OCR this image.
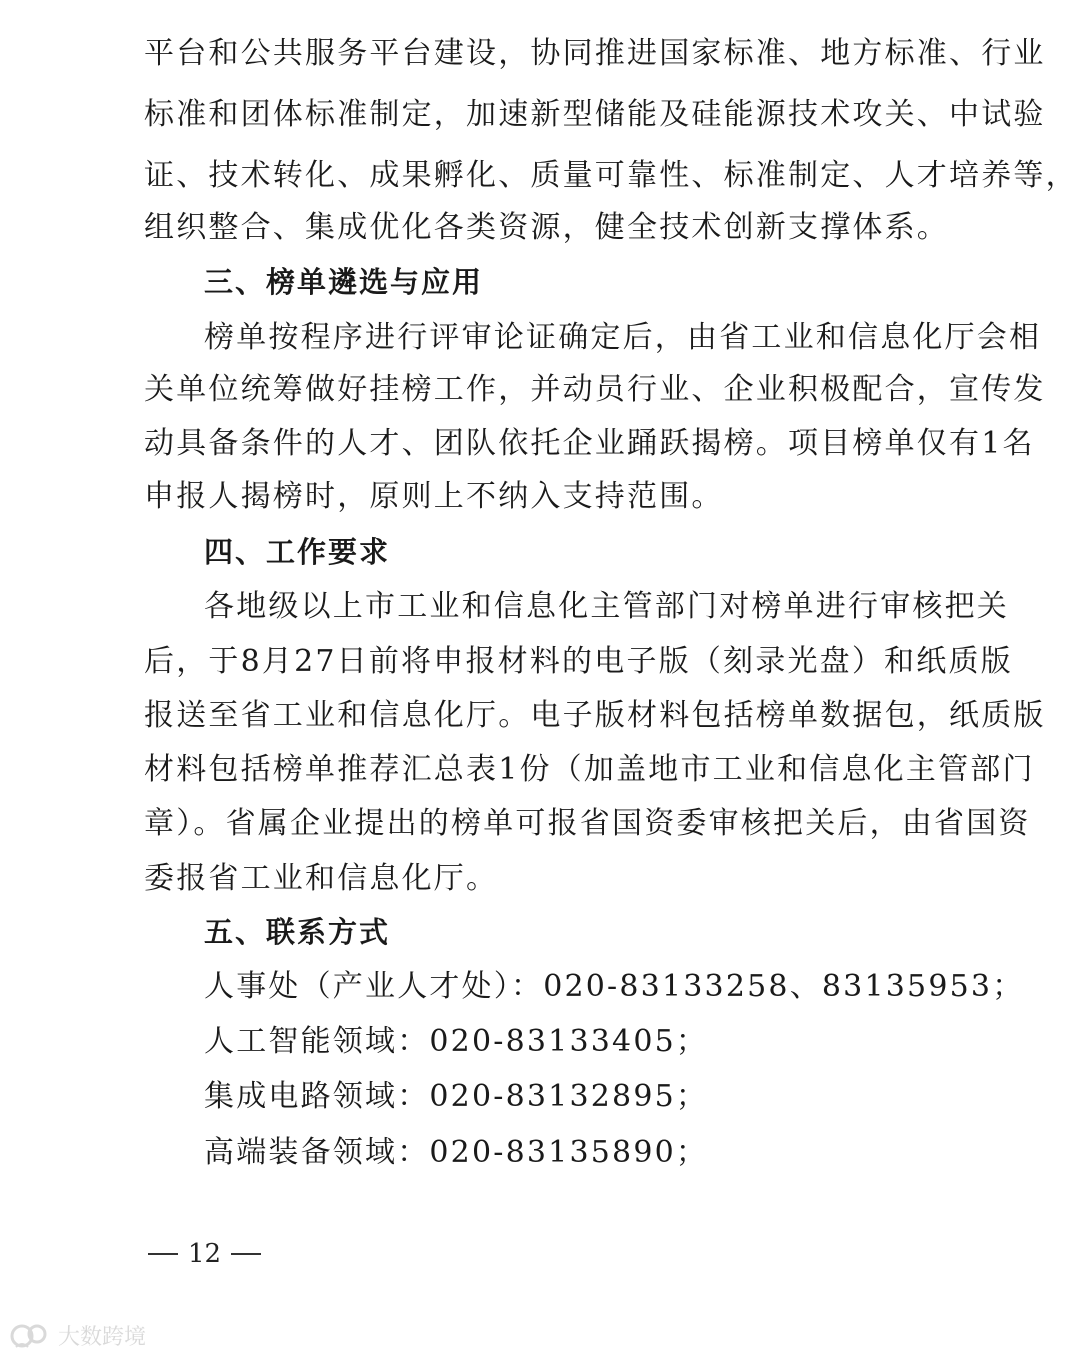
平台和公共服务平台建设，协同推进国家标准、地方标准、行业
标准和团体标准制定，加速新型储能及硅能源技术攻关、中试验
证、技术转化、成果孵化、质量可靠性、标准制定、人才培养等，
组织整合、集成优化各类资源，健全技术创新支撑体系。
三、榜单遴选与应用
榜单按程序进行评审论证确定后，由省工业和信息化厅会相
关单位统筹做好挂榜工作，并动员行业、企业积极配合，宣传发
动具备条件的人才、团队依托企业踊跃揭榜。项目榜单仅有1名
申报人揭榜时，原则上不纳入支持范围。
四、工作要求
各地级以上市工业和信息化主管部门对榜单进行审核把关
后，于8月27日前将申报材料的电子版（刻录光盘）和纸质版
报送至省工业和信息化厅。电子版材料包括榜单数据包，纸质版
材料包括榜单推荐汇总表1份（加盖地市工业和信息化主管部门
章）。省属企业提出的榜单可报省国资委审核把关后，由省国资
委报省工业和信息化厅。
五、联系方式
人事处（产业人才处）：020-83133258、83135953；
人工智能领域：020-83133405；
集成电路领域：020-83132895；
高端装备领域：020-83135890；
12
大数跨境
